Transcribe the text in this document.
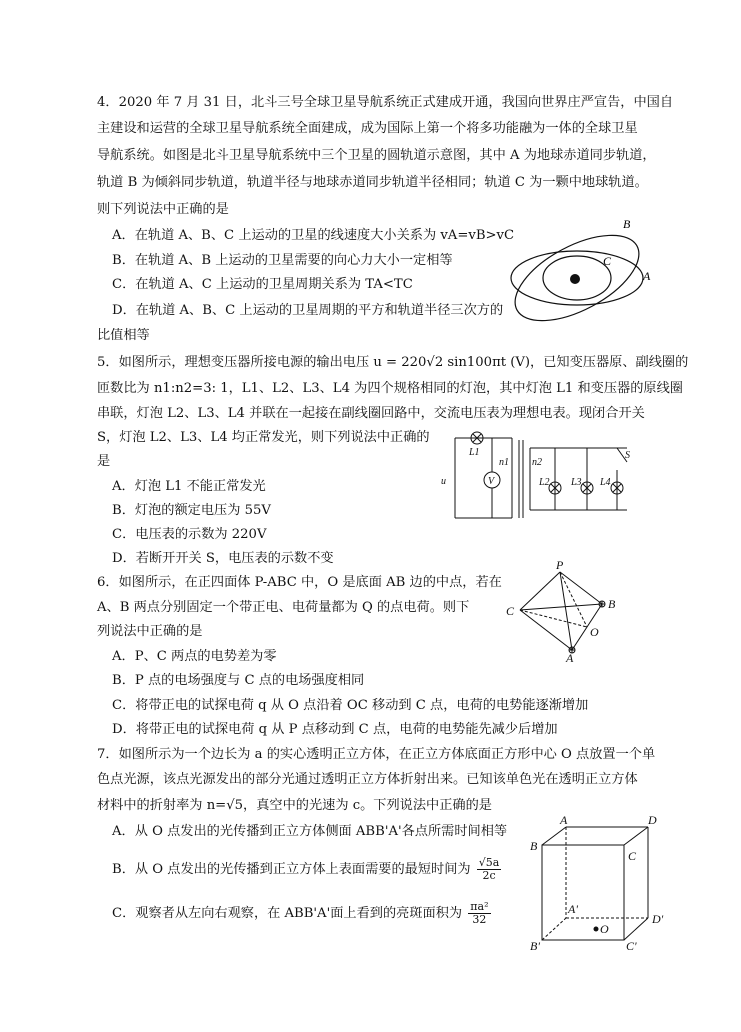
4．2020 年 7 月 31 日，北斗三号全球卫星导航系统正式建成开通，我国向世界庄严宣告，中国自
主建设和运营的全球卫星导航系统全面建成，成为国际上第一个将多功能融为一体的全球卫星
导航系统。如图是北斗卫星导航系统中三个卫星的圆轨道示意图，其中 A 为地球赤道同步轨道，
轨道 B 为倾斜同步轨道，轨道半径与地球赤道同步轨道半径相同；轨道 C 为一颗中地球轨道。
则下列说法中正确的是
A．在轨道 A、B、C 上运动的卫星的线速度大小关系为 vA=vB>vC
B．在轨道 A、B 上运动的卫星需要的向心力大小一定相等
C．在轨道 A、C 上运动的卫星周期关系为 TA<TC
D．在轨道 A、B、C 上运动的卫星周期的平方和轨道半径三次方的
比值相等
B
C
A
5．如图所示，理想变压器所接电源的输出电压 u = 220√2 sin100πt (V)，已知变压器原、副线圈的
匝数比为 n1:n2=3: 1，L1、L2、L3、L4 为四个规格相同的灯泡，其中灯泡 L1 和变压器的原线圈
串联，灯泡 L2、L3、L4 并联在一起接在副线圈回路中，交流电压表为理想电表。现闭合开关
S，灯泡 L2、L3、L4 均正常发光，则下列说法中正确的
是
A．灯泡 L1 不能正常发光
B．灯泡的额定电压为 55V
C．电压表的示数为 220V
D．若断开开关 S，电压表的示数不变
L1
u	V
n1 n2
L2 L3 L4
S
6．如图所示，在正四面体 P-ABC 中，O 是底面 AB 边的中点，若在
A、B 两点分别固定一个带正电、电荷量都为 Q 的点电荷。则下
列说法中正确的是
A．P、C 两点的电势差为零
B．P 点的电场强度与 C 点的电场强度相同
C．将带正电的试探电荷 q 从 O 点沿着 OC 移动到 C 点，电荷的电势能逐渐增加
D．将带正电的试探电荷 q 从 P 点移动到 C 点，电荷的电势能先减少后增加
P
B
C
O
A
7．如图所示为一个边长为 a 的实心透明正立方体，在正立方体底面正方形中心 O 点放置一个单
色点光源，该点光源发出的部分光通过透明正立方体折射出来。已知该单色光在透明正立方体
材料中的折射率为 n=√5，真空中的光速为 c。下列说法中正确的是
A．从 O 点发出的光传播到正立方体侧面 ABB'A'各点所需时间相等
B．从 O 点发出的光传播到正立方体上表面需要的最短时间为 $\frac{√5a}{2c}$
C．观察者从左向右观察，在 ABB'A'面上看到的亮斑面积为 $\frac{\text{πa²}}{32}$
A	D
B
C
A'
O
D'
B'	C'
